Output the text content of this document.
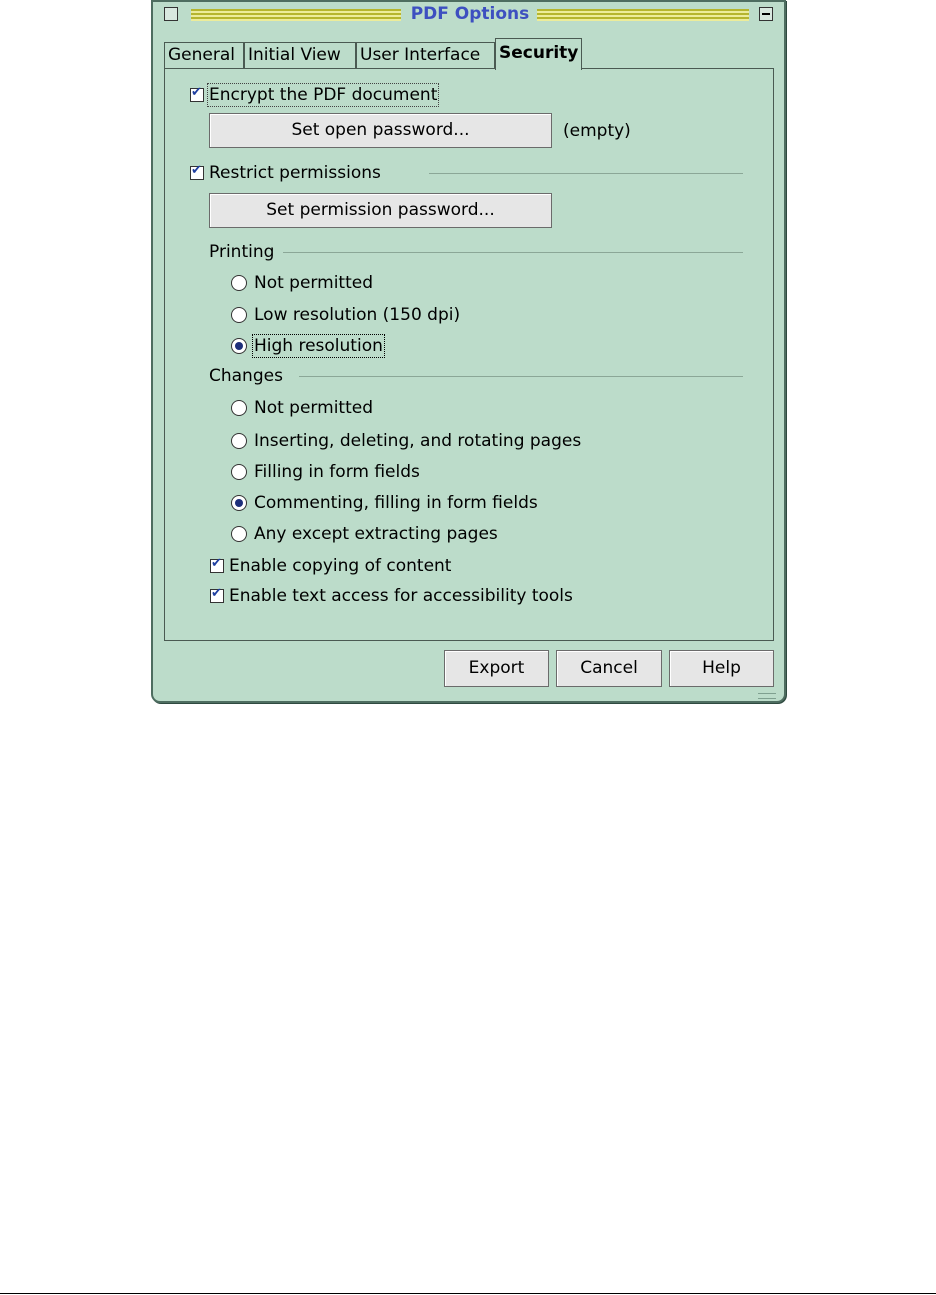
PDF Options
General Initial View	User Interface	Security
✔
Encrypt the PDF document
Set open password...	(empty)
✔
Restrict permissions
Set permission password...
Printing
Not permitted
Low resolution (150 dpi)
High resolution
Changes
Not permitted
Inserting, deleting, and rotating pages
Filling in form fields
Commenting, filling in form fields
Any except extracting pages
✔
Enable copying of content
✔
Enable text access for accessibility tools
Export	Cancel	Help
